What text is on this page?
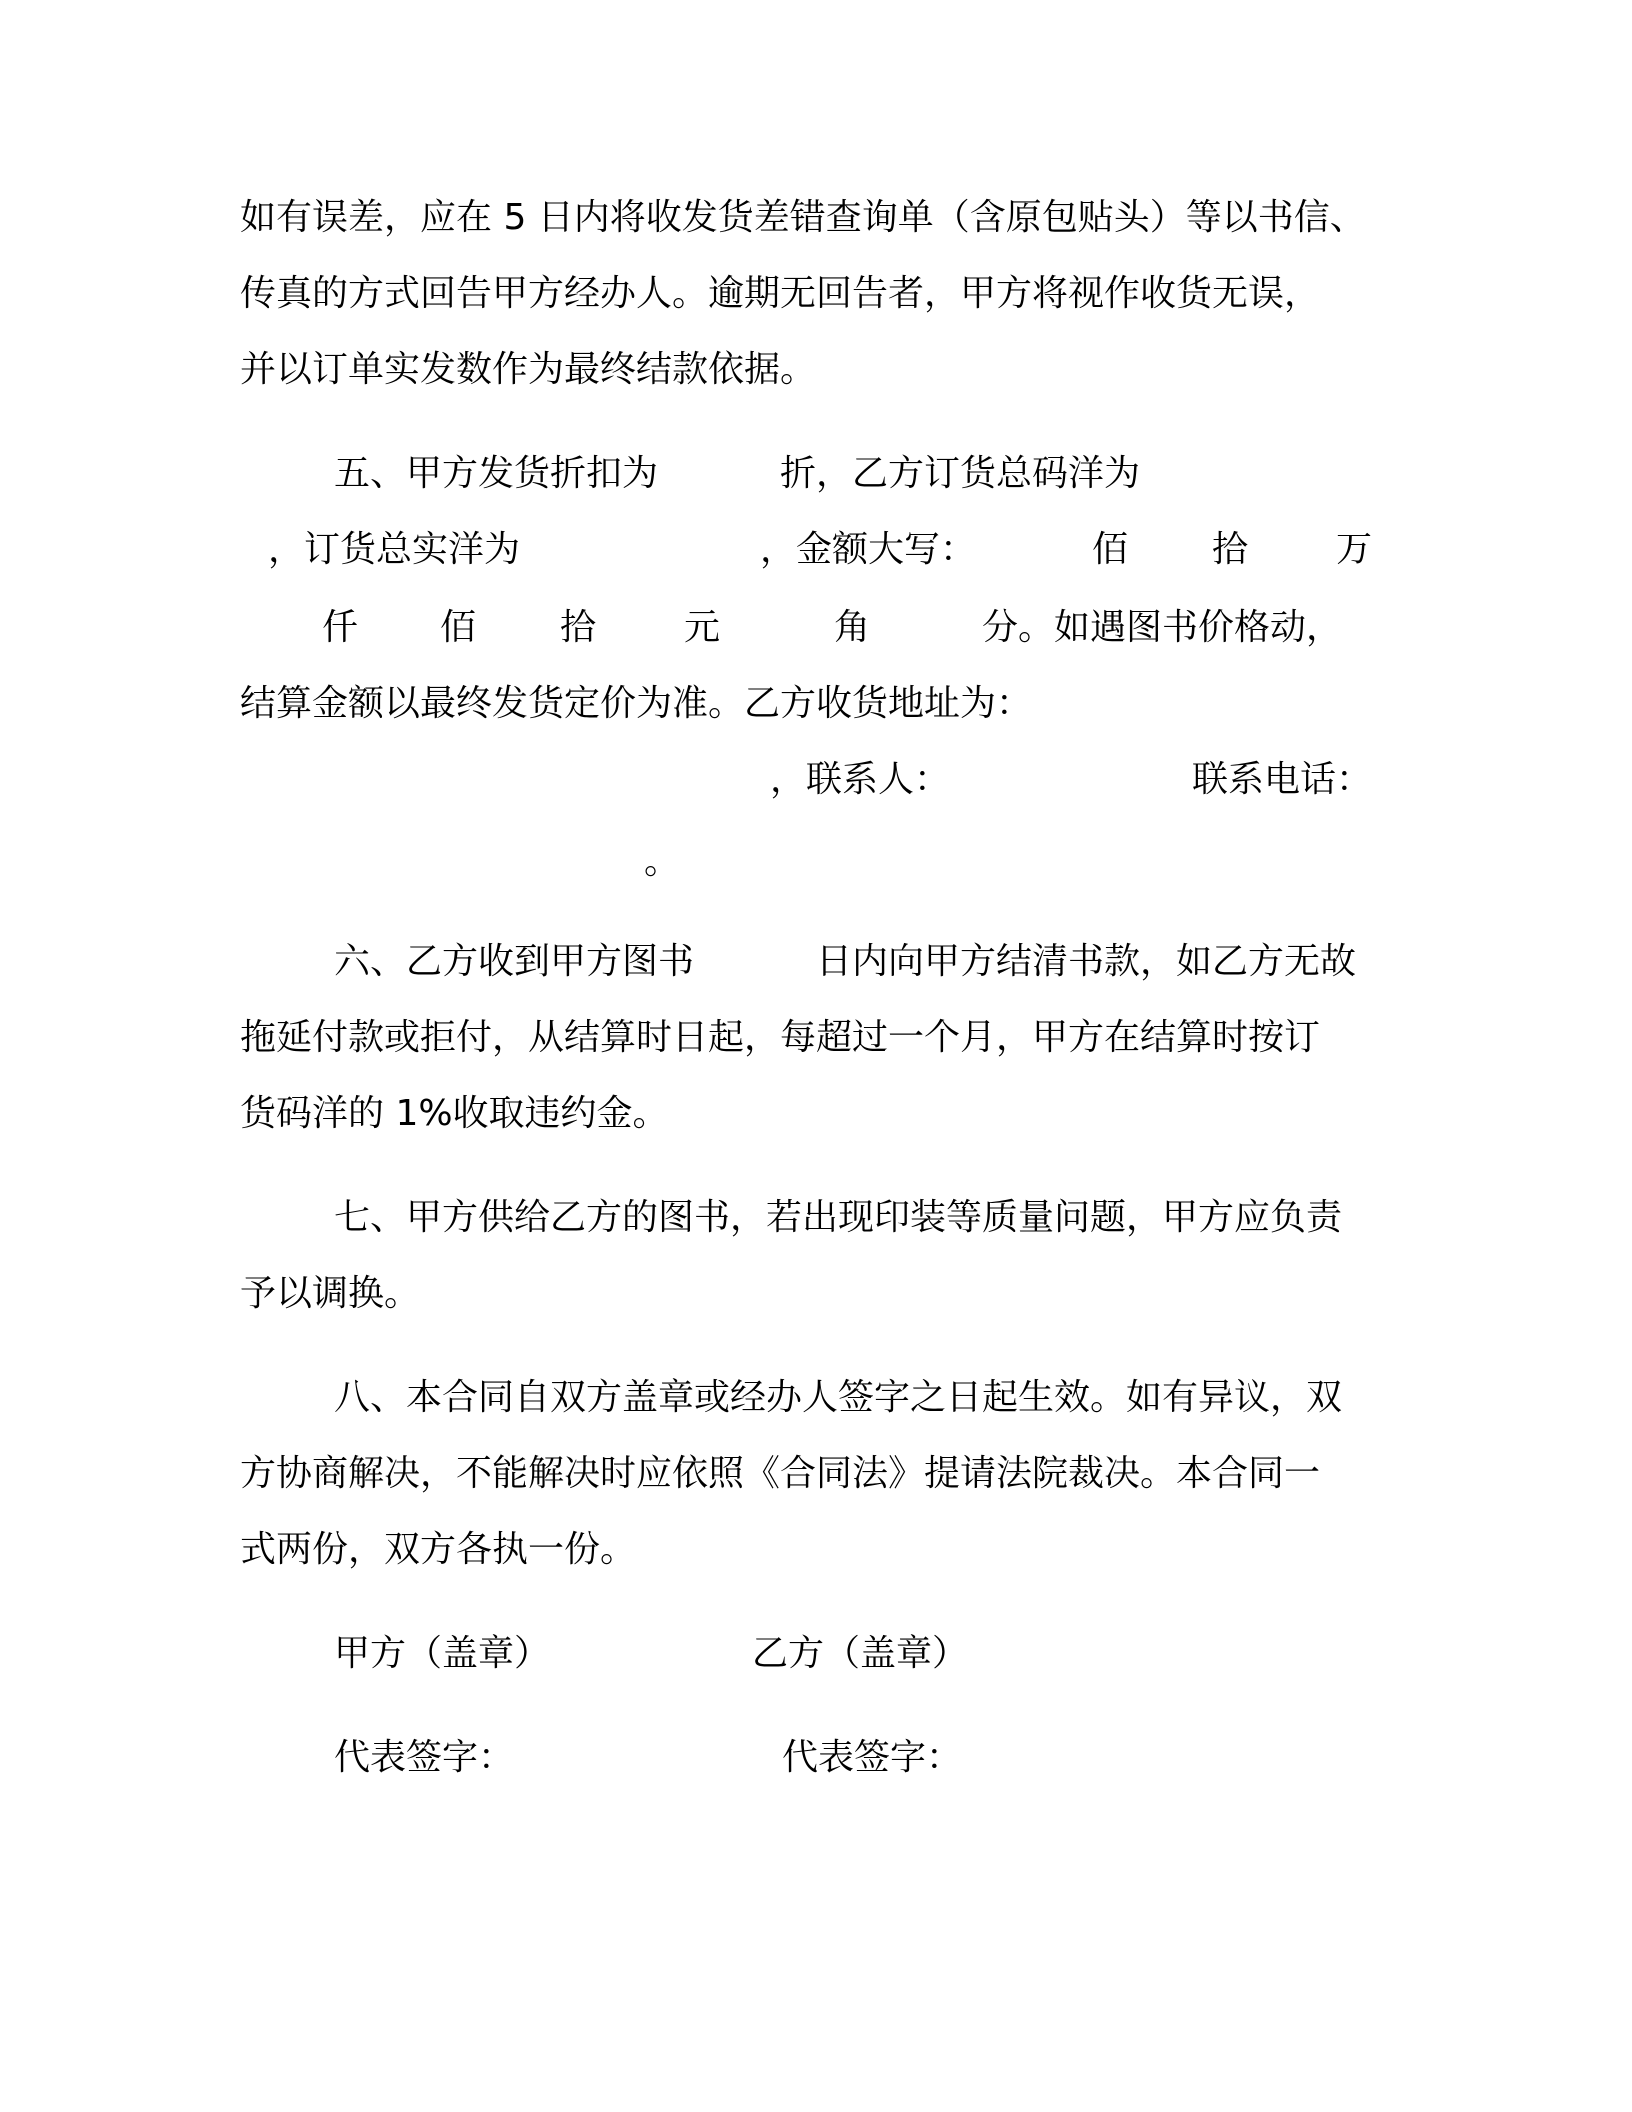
如有误差，应在 5 日内将收发货差错查询单（含原包贴头）等以书信、
传真的方式回告甲方经办人。逾期无回告者，甲方将视作收货无误，
并以订单实发数作为最终结款依据。
五、甲方发货折扣为	折，乙方订货总码洋为
，订货总实洋为	，金额大写：	佰 拾 万
仟 佰 拾 元	角	分。如遇图书价格动，
结算金额以最终发货定价为准。乙方收货地址为：
，联系人：	联系电话：
。
六、乙方收到甲方图书	日内向甲方结清书款，如乙方无故
拖延付款或拒付，从结算时日起，每超过一个月，甲方在结算时按订
货码洋的 1%收取违约金。
七、甲方供给乙方的图书，若出现印装等质量问题，甲方应负责
予以调换。
八、本合同自双方盖章或经办人签字之日起生效。如有异议，双
方协商解决，不能解决时应依照《合同法》提请法院裁决。本合同一
式两份，双方各执一份。
甲方（盖章）	乙方（盖章）
代表签字：	代表签字：
